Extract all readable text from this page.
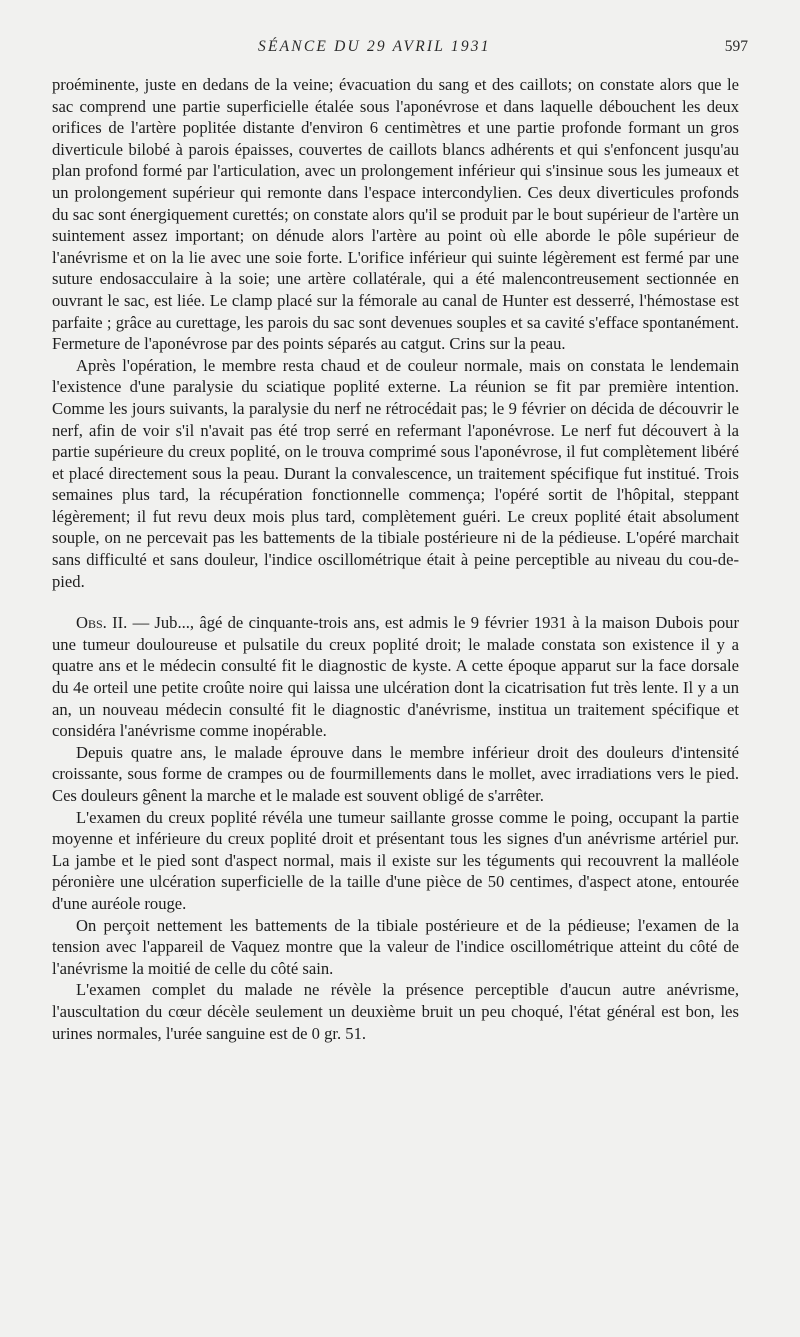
SÉANCE DU 29 AVRIL 1931	597

proéminente, juste en dedans de la veine; évacuation du sang et des caillots; on constate alors que le sac comprend une partie superficielle étalée sous l'aponévrose et dans laquelle débouchent les deux orifices de l'artère poplitée distante d'environ 6 centimètres et une partie profonde formant un gros diverticule bilobé à parois épaisses, couvertes de caillots blancs adhérents et qui s'enfoncent jusqu'au plan profond formé par l'articulation, avec un prolongement inférieur qui s'insinue sous les jumeaux et un prolongement supérieur qui remonte dans l'espace intercondylien. Ces deux diverticules profonds du sac sont énergiquement curettés; on constate alors qu'il se produit par le bout supérieur de l'artère un suintement assez important; on dénude alors l'artère au point où elle aborde le pôle supérieur de l'anévrisme et on la lie avec une soie forte. L'orifice inférieur qui suinte légèrement est fermé par une suture endosacculaire à la soie; une artère collatérale, qui a été malencontreusement sectionnée en ouvrant le sac, est liée. Le clamp placé sur la fémorale au canal de Hunter est desserré, l'hémostase est parfaite ; grâce au curettage, les parois du sac sont devenues souples et sa cavité s'efface spontanément. Fermeture de l'aponévrose par des points séparés au catgut. Crins sur la peau.

Après l'opération, le membre resta chaud et de couleur normale, mais on constata le lendemain l'existence d'une paralysie du sciatique poplité externe. La réunion se fit par première intention. Comme les jours suivants, la paralysie du nerf ne rétrocédait pas; le 9 février on décida de découvrir le nerf, afin de voir s'il n'avait pas été trop serré en refermant l'aponévrose. Le nerf fut découvert à la partie supérieure du creux poplité, on le trouva comprimé sous l'aponévrose, il fut complètement libéré et placé directement sous la peau. Durant la convalescence, un traitement spécifique fut institué. Trois semaines plus tard, la récupération fonctionnelle commença; l'opéré sortit de l'hôpital, steppant légèrement; il fut revu deux mois plus tard, complètement guéri. Le creux poplité était absolument souple, on ne percevait pas les battements de la tibiale postérieure ni de la pédieuse. L'opéré marchait sans difficulté et sans douleur, l'indice oscillométrique était à peine perceptible au niveau du cou-de-pied.

Obs. II. — Jub..., âgé de cinquante-trois ans, est admis le 9 février 1931 à la maison Dubois pour une tumeur douloureuse et pulsatile du creux poplité droit; le malade constata son existence il y a quatre ans et le médecin consulté fit le diagnostic de kyste. A cette époque apparut sur la face dorsale du 4e orteil une petite croûte noire qui laissa une ulcération dont la cicatrisation fut très lente. Il y a un an, un nouveau médecin consulté fit le diagnostic d'anévrisme, institua un traitement spécifique et considéra l'anévrisme comme inopérable.

Depuis quatre ans, le malade éprouve dans le membre inférieur droit des douleurs d'intensité croissante, sous forme de crampes ou de fourmillements dans le mollet, avec irradiations vers le pied. Ces douleurs gênent la marche et le malade est souvent obligé de s'arrêter.

L'examen du creux poplité révéla une tumeur saillante grosse comme le poing, occupant la partie moyenne et inférieure du creux poplité droit et présentant tous les signes d'un anévrisme artériel pur. La jambe et le pied sont d'aspect normal, mais il existe sur les téguments qui recouvrent la malléole péronière une ulcération superficielle de la taille d'une pièce de 50 centimes, d'aspect atone, entourée d'une auréole rouge.

On perçoit nettement les battements de la tibiale postérieure et de la pédieuse; l'examen de la tension avec l'appareil de Vaquez montre que la valeur de l'indice oscillométrique atteint du côté de l'anévrisme la moitié de celle du côté sain.

L'examen complet du malade ne révèle la présence perceptible d'aucun autre anévrisme, l'auscultation du cœur décèle seulement un deuxième bruit un peu choqué, l'état général est bon, les urines normales, l'urée sanguine est de 0 gr. 51.
